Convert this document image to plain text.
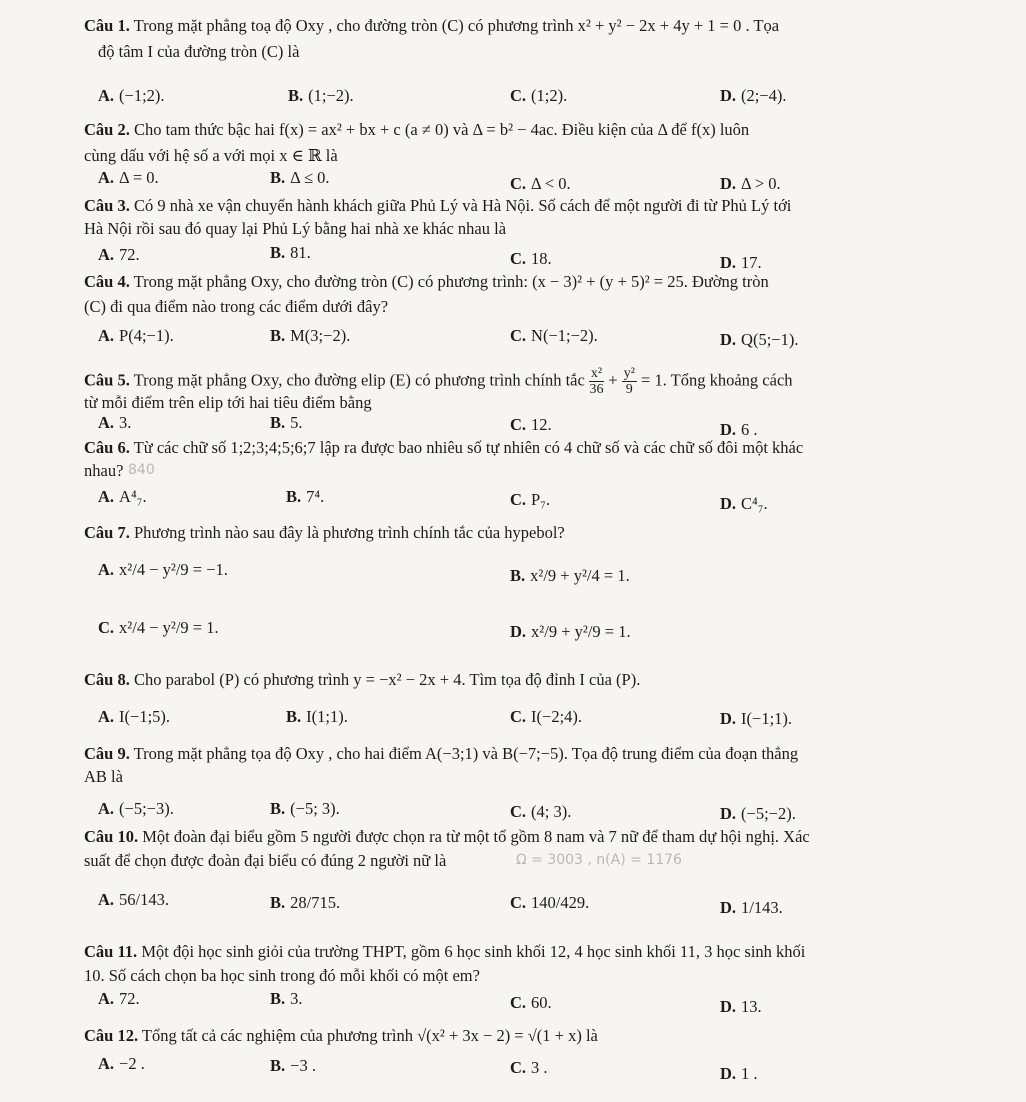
Câu 1. Trong mặt phẳng toạ độ Oxy , cho đường tròn (C) có phương trình x² + y² − 2x + 4y + 1 = 0 . Tọa
độ tâm I của đường tròn (C) là
A. (−1;2).	B. (1;−2).	C. (1;2).	D. (2;−4).
Câu 2. Cho tam thức bậc hai f(x) = ax² + bx + c (a ≠ 0) và Δ = b² − 4ac. Điều kiện của Δ để f(x) luôn
cùng dấu với hệ số a với mọi x ∈ ℝ là
A. Δ = 0.	B. Δ ≤ 0.	C. Δ < 0.	D. Δ > 0.
Câu 3. Có 9 nhà xe vận chuyển hành khách giữa Phủ Lý và Hà Nội. Số cách để một người đi từ Phủ Lý tới
Hà Nội rồi sau đó quay lại Phủ Lý bằng hai nhà xe khác nhau là
A. 72.	B. 81.	C. 18.	D. 17.
Câu 4. Trong mặt phẳng Oxy, cho đường tròn (C) có phương trình: (x − 3)² + (y + 5)² = 25. Đường tròn
(C) đi qua điểm nào trong các điểm dưới đây?
A. P(4;−1).	B. M(3;−2).	C. N(−1;−2).	D. Q(5;−1).
Câu 5. Trong mặt phẳng Oxy, cho đường elip (E) có phương trình chính tắc $\frac{\text{x²}}{36} + \frac{\text{y²}}{9} = 1$. Tổng khoảng cách
từ mỗi điểm trên elip tới hai tiêu điểm bằng
A. 3.	B. 5.	C. 12.	D. 6 .
Câu 6. Từ các chữ số 1;2;3;4;5;6;7 lập ra được bao nhiêu số tự nhiên có 4 chữ số và các chữ số đôi một khác
nhau? 840
A. A⁴₇.	B. 7⁴.	C. P₇.	D. C⁴₇.
Câu 7. Phương trình nào sau đây là phương trình chính tắc của hypebol?
A. x²/4 − y²/9 = −1.	B. x²/9 + y²/4 = 1.
C. x²/4 − y²/9 = 1.	D. x²/9 + y²/9 = 1.
Câu 8. Cho parabol (P) có phương trình y = −x² − 2x + 4. Tìm tọa độ đỉnh I của (P).
A. I(−1;5).	B. I(1;1).	C. I(−2;4).	D. I(−1;1).
Câu 9. Trong mặt phẳng tọa độ Oxy , cho hai điểm A(−3;1) và B(−7;−5). Tọa độ trung điểm của đoạn thẳng
AB là
A. (−5;−3).	B. (−5; 3).	C. (4; 3).	D. (−5;−2).
Câu 10. Một đoàn đại biểu gồm 5 người được chọn ra từ một tổ gồm 8 nam và 7 nữ để tham dự hội nghị. Xác
suất để chọn được đoàn đại biểu có đúng 2 người nữ là	Ω = 3003 , n(A) = 1176
A. 56/143.	B. 28/715.	C. 140/429.	D. 1/143.
Câu 11. Một đội học sinh giỏi của trường THPT, gồm 6 học sinh khối 12, 4 học sinh khối 11, 3 học sinh khối
10. Số cách chọn ba học sinh trong đó mỗi khối có một em?
A. 72.	B. 3.	C. 60.	D. 13.
Câu 12. Tổng tất cả các nghiệm của phương trình √(x² + 3x − 2) = √(1 + x) là
A. −2 .	B. −3 .	C. 3 .	D. 1 .
